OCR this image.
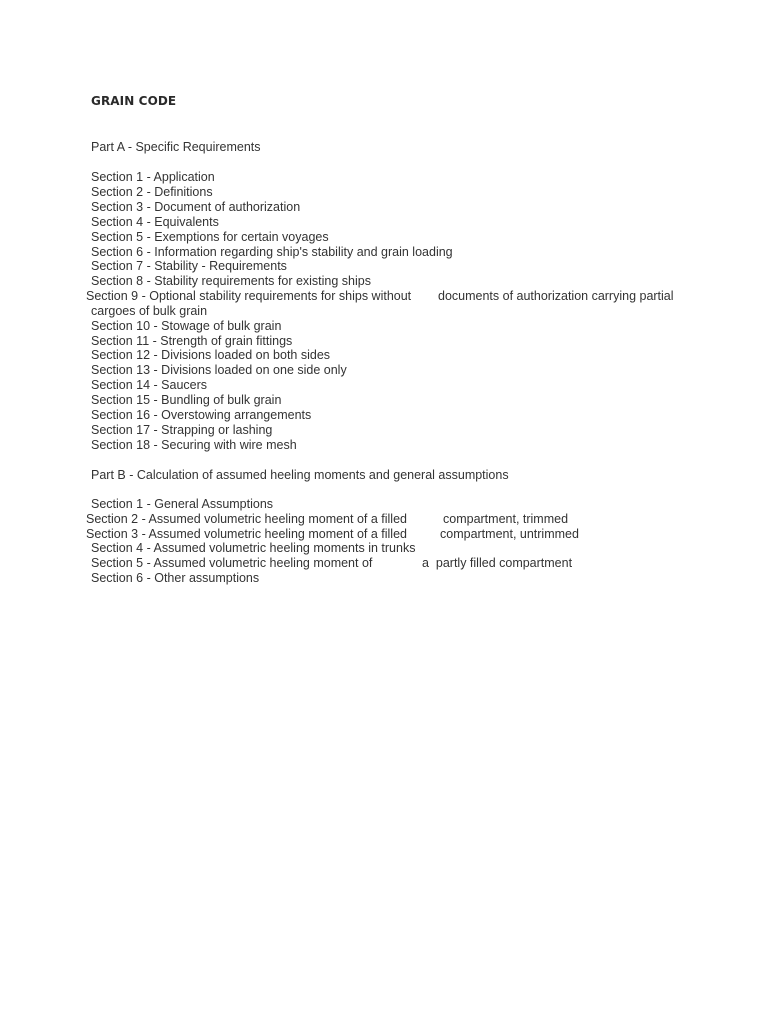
GRAIN CODE
Part A - Specific Requirements
Section 1 - Application
Section 2 - Definitions
Section 3 - Document of authorization
Section 4 - Equivalents
Section 5 - Exemptions for certain voyages
Section 6 - Information regarding ship's stability and grain loading
Section 7 - Stability - Requirements
Section 8 - Stability requirements for existing ships

Section 9 - Optional stability requirements for ships without

documents of authorization carrying partial

cargoes of bulk grain
Section 10 - Stowage of bulk grain
Section 11 - Strength of grain fittings
Section 12 - Divisions loaded on both sides
Section 13 - Divisions loaded on one side only
Section 14 - Saucers
Section 15 - Bundling of bulk grain
Section 16 - Overstowing arrangements
Section 17 - Strapping or lashing
Section 18 - Securing with wire mesh
Part B - Calculation of assumed heeling moments and general assumptions
Section 1 - General Assumptions

Section 2 - Assumed volumetric heeling moment of a filled

	compartment, trimmed

Section 3 - Assumed volumetric heeling moment of a filled

	compartment, untrimmed

Section 4 - Assumed volumetric heeling moments in trunks

Section 5 - Assumed volumetric heeling moment of

	a  partly filled compartment

Section 6 - Other assumptions
